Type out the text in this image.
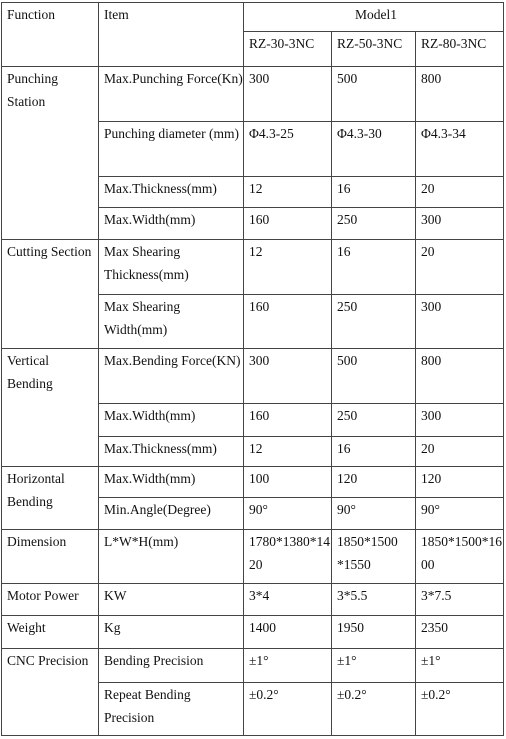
Function	Item	Model1		
		RZ-30-3NC	RZ-50-3NC	RZ-80-3NC
Punching Station	Max.Punching Force(Kn)	300	500	800
	Punching diameter (mm)	Φ4.3-25	Φ4.3-30	Φ4.3-34
	Max.Thickness(mm)	12	16	20
	Max.Width(mm)	160	250	300
Cutting Section	Max Shearing Thickness(mm)	12	16	20
	Max Shearing Width(mm)	160	250	300
Vertical Bending	Max.Bending Force(KN)	300	500	800
	Max.Width(mm)	160	250	300
	Max.Thickness(mm)	12	16	20
Horizontal Bending	Max.Width(mm)	100	120	120
	Min.Angle(Degree)	90°	90°	90°
Dimension	L*W*H(mm)	1780*1380*1420	1850*1500 *1550	1850*1500*1600
Motor Power	KW	3*4	3*5.5	3*7.5
Weight	Kg	1400	1950	2350
CNC Precision	Bending Precision	±1°	±1°	±1°
	Repeat Bending Precision	±0.2°	±0.2°	±0.2°
